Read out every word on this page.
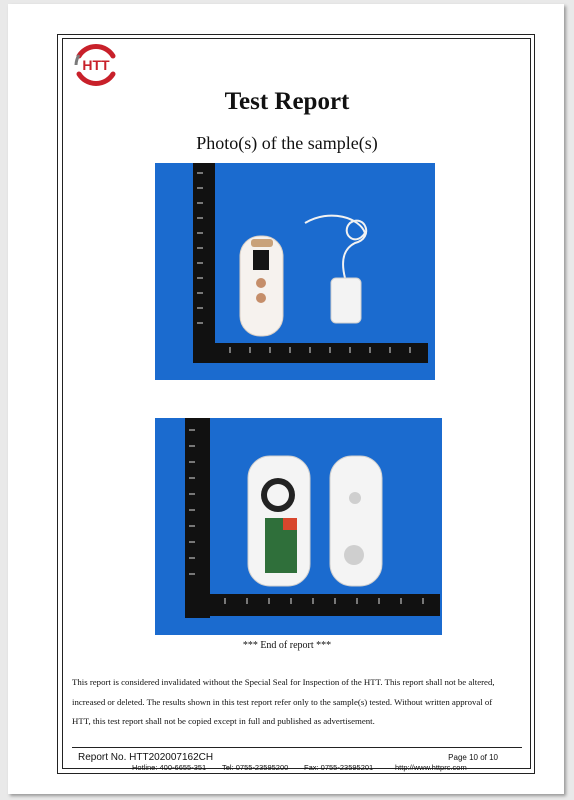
HTT
Test Report
Photo(s) of the sample(s)
*** End of report ***
This report is considered invalidated without the Special Seal for Inspection of the HTT. This report shall not be altered, increased or deleted. The results shown in this test report refer only to the sample(s) tested. Without written approval of HTT, this test report shall not be copied except in full and published as advertisement.
Report No. HTT202007162CH	Page 10 of 10
Hotline: 400-6655-351 Tel: 0755-23595200 Fax: 0755-23595201	http://www.httprc.com
